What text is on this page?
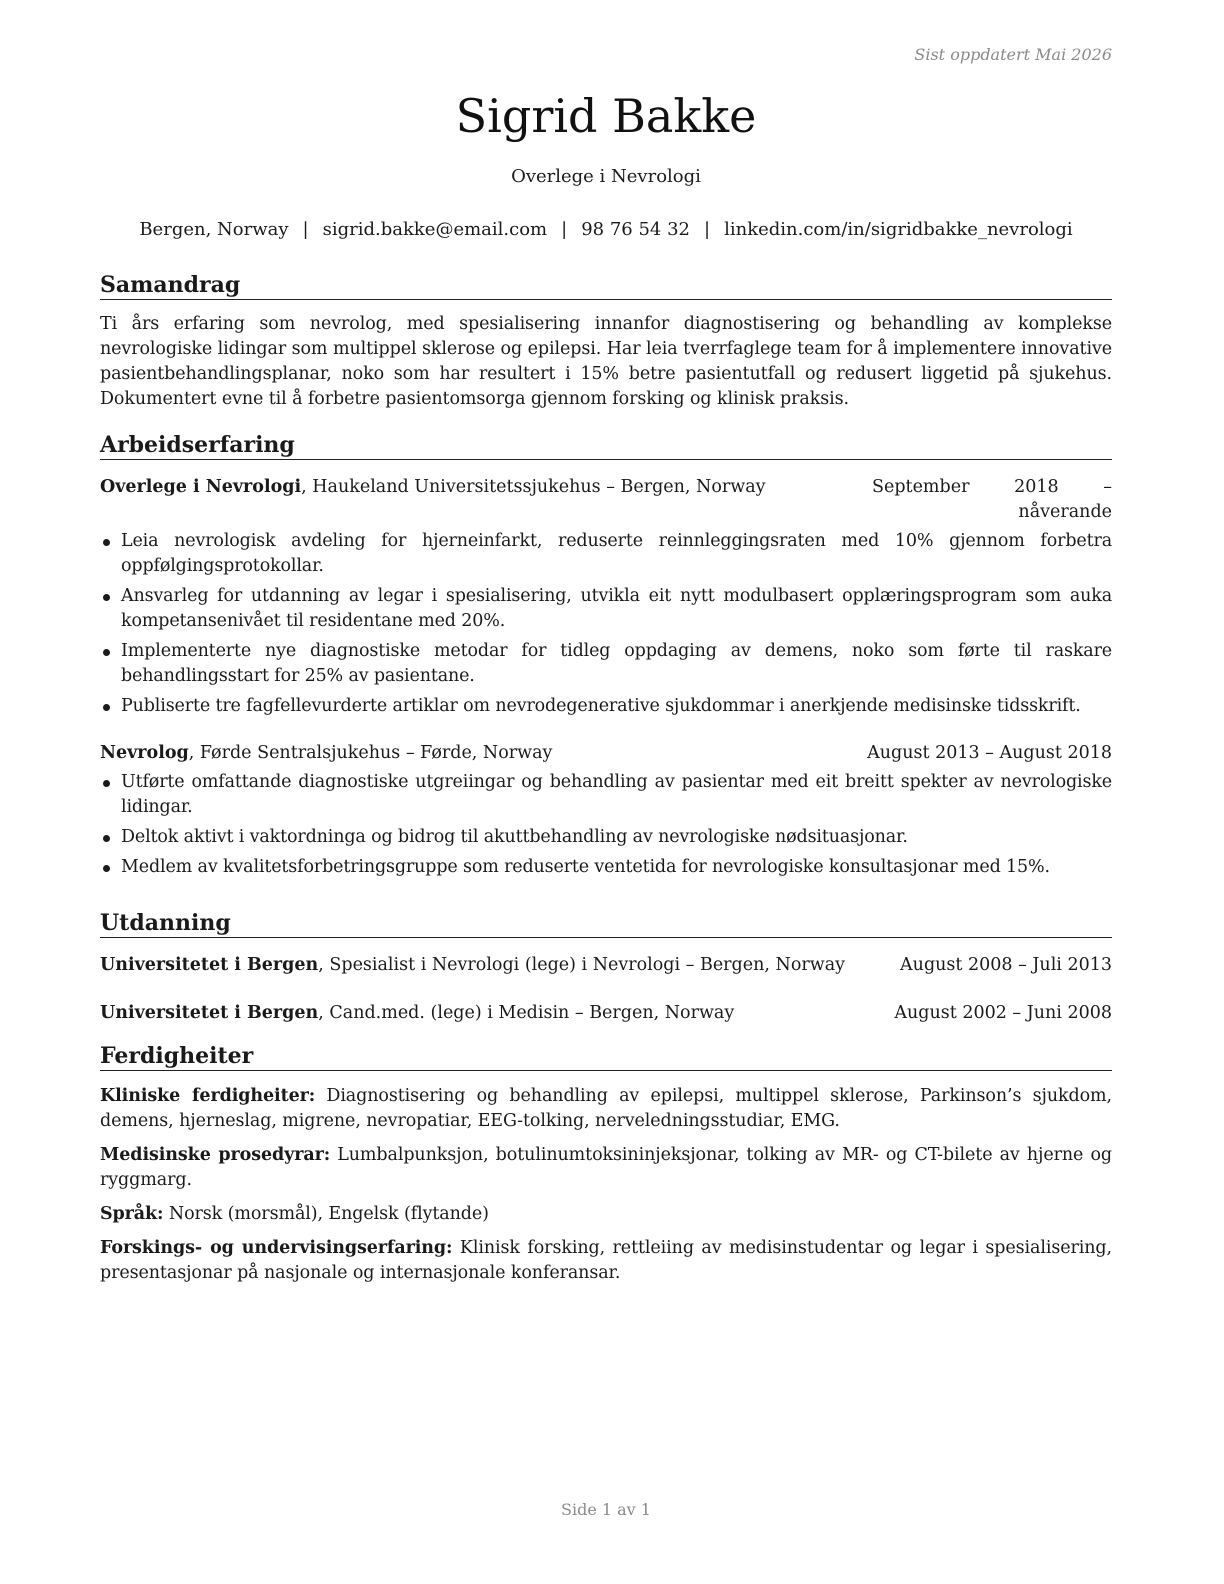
Sist oppdatert Mai 2026
Sigrid Bakke
Overlege i Nevrologi
Bergen, Norway | sigrid.bakke@email.com | 98 76 54 32 | linkedin.com/in/sigridbakke_nevrologi
Samandrag

Ti års erfaring som nevrolog, med spesialisering innanfor diagnostisering og behandling av komplekse nevrologiske lidingar som multippel sklerose og epilepsi. Har leia tverrfaglege team for å implementere innovative pasientbehandlingsplanar, noko som har resultert i 15% betre pasientutfall og redusert liggetid på sjukehus. Dokumentert evne til å forbetre pasientomsorga gjennom forsking og klinisk praksis.

Arbeidserfaring
Overlege i Nevrologi, Haukeland Universitetssjukehus – Bergen, Norway	September 2018 – nåverande
Leia nevrologisk avdeling for hjerneinfarkt, reduserte reinnleggingsraten med 10% gjennom forbetra oppfølgingsprotokollar.
Ansvarleg for utdanning av legar i spesialisering, utvikla eit nytt modulbasert opplæringsprogram som auka kompetansenivået til residentane med 20%.
Implementerte nye diagnostiske metodar for tidleg oppdaging av demens, noko som førte til raskare behandlingsstart for 25% av pasientane.
Publiserte tre fagfellevurderte artiklar om nevrodegenerative sjukdommar i anerkjende medisinske tidsskrift.
Nevrolog, Førde Sentralsjukehus – Førde, Norway	August 2013 – August 2018
Utførte omfattande diagnostiske utgreiingar og behandling av pasientar med eit breitt spekter av nevrologiske lidingar.
Deltok aktivt i vaktordninga og bidrog til akuttbehandling av nevrologiske nødsituasjonar.
Medlem av kvalitetsforbetringsgruppe som reduserte ventetida for nevrologiske konsultasjonar med 15%.
Utdanning
Universitetet i Bergen, Spesialist i Nevrologi (lege) i Nevrologi – Bergen, Norway	August 2008 – Juli 2013
Universitetet i Bergen, Cand.med. (lege) i Medisin – Bergen, Norway	August 2002 – Juni 2008
Ferdigheiter

Kliniske ferdigheiter: Diagnostisering og behandling av epilepsi, multippel sklerose, Parkinson’s sjukdom, demens, hjerneslag, migrene, nevropatiar, EEG-tolking, nerveledningsstudiar, EMG.

Medisinske prosedyrar: Lumbalpunksjon, botulinumtoksininjeksjonar, tolking av MR- og CT-bilete av hjerne og ryggmarg.

Språk: Norsk (morsmål), Engelsk (flytande)

Forskings- og undervisingserfaring: Klinisk forsking, rettleiing av medisinstudentar og legar i spesialisering, presentasjonar på nasjonale og internasjonale konferansar.

Side 1 av 1
